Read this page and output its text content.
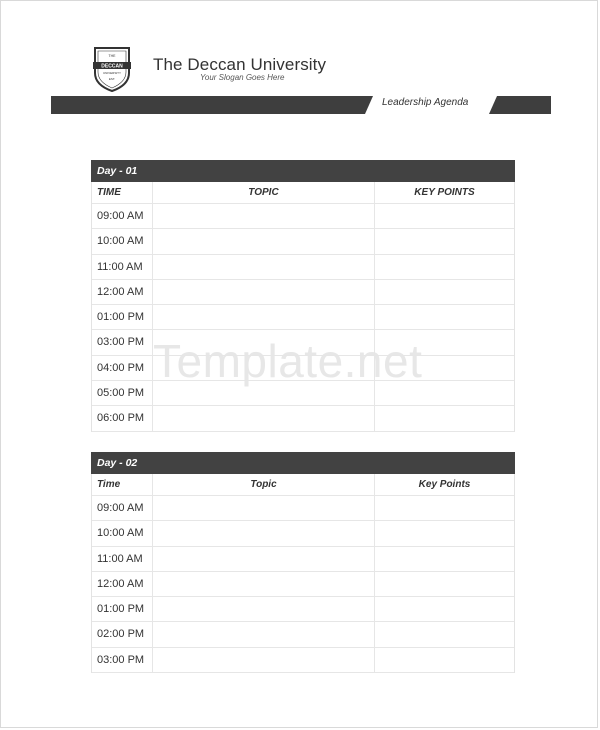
THE
DECCAN
UNIVERSITY
EST.
The Deccan University
Your Slogan Goes Here
Leadership Agenda
Template.net
Day - 01
TIME	TOPIC	KEY POINTS
09:00 AM
10:00 AM
11:00 AM
12:00 AM
01:00 PM
03:00 PM
04:00 PM
05:00 PM
06:00 PM
Day - 02
Time	Topic	Key Points
09:00 AM
10:00 AM
11:00 AM
12:00 AM
01:00 PM
02:00 PM
03:00 PM
